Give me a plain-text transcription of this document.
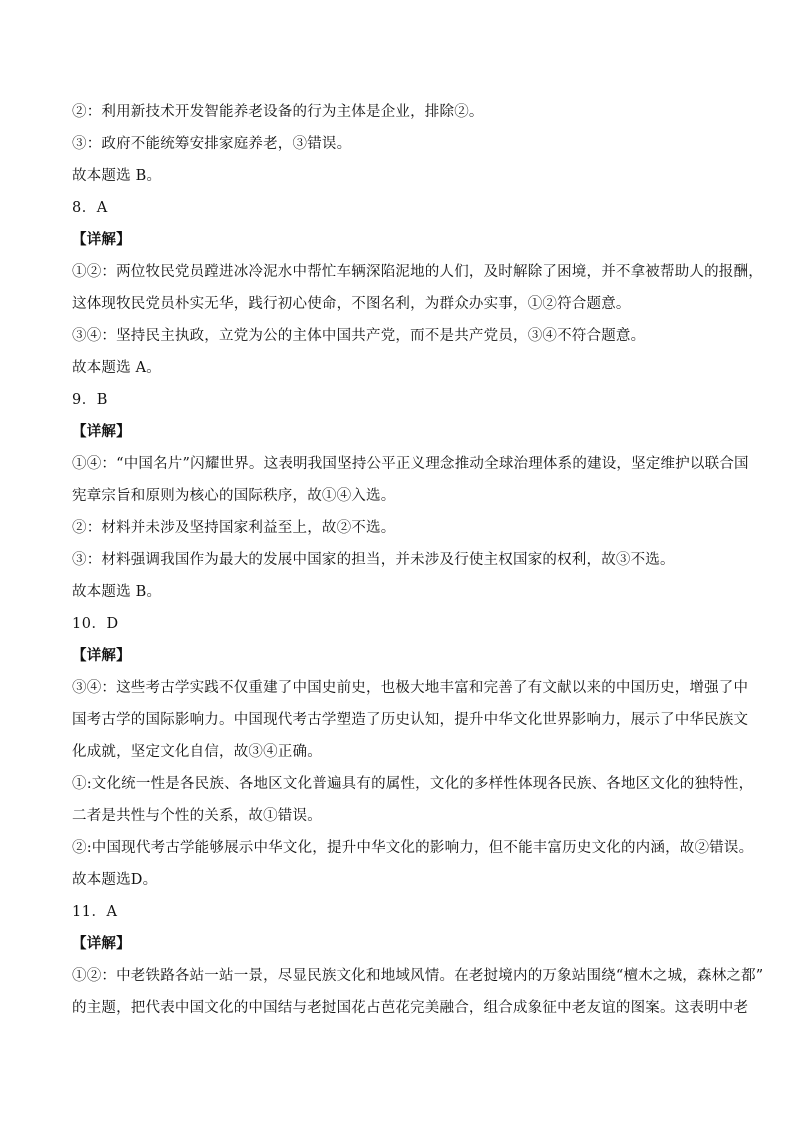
②：利用新技术开发智能养老设备的行为主体是企业，排除②。
③：政府不能统筹安排家庭养老，③错误。
故本题选 B。
8．A
【详解】
①②：两位牧民党员蹚进冰冷泥水中帮忙车辆深陷泥地的人们，及时解除了困境，并不拿被帮助人的报酬，
这体现牧民党员朴实无华，践行初心使命，不图名利，为群众办实事，①②符合题意。
③④：坚持民主执政，立党为公的主体中国共产党，而不是共产党员，③④不符合题意。
故本题选 A。
9．B
【详解】
①④：“中国名片”闪耀世界。这表明我国坚持公平正义理念推动全球治理体系的建设，坚定维护以联合国
宪章宗旨和原则为核心的国际秩序，故①④入选。
②：材料并未涉及坚持国家利益至上，故②不选。
③：材料强调我国作为最大的发展中国家的担当，并未涉及行使主权国家的权利，故③不选。
故本题选 B。
10．D
【详解】
③④：这些考古学实践不仅重建了中国史前史，也极大地丰富和完善了有文献以来的中国历史，增强了中
国考古学的国际影响力。中国现代考古学塑造了历史认知，提升中华文化世界影响力，展示了中华民族文
化成就，坚定文化自信，故③④正确。
①:文化统一性是各民族、各地区文化普遍具有的属性，文化的多样性体现各民族、各地区文化的独特性，
二者是共性与个性的关系，故①错误。
②:中国现代考古学能够展示中华文化，提升中华文化的影响力，但不能丰富历史文化的内涵，故②错误。
故本题选D。
11．A
【详解】
①②：中老铁路各站一站一景，尽显民族文化和地域风情。在老挝境内的万象站围绕“檀木之城，森林之都”
的主题，把代表中国文化的中国结与老挝国花占芭花完美融合，组合成象征中老友谊的图案。这表明中老
